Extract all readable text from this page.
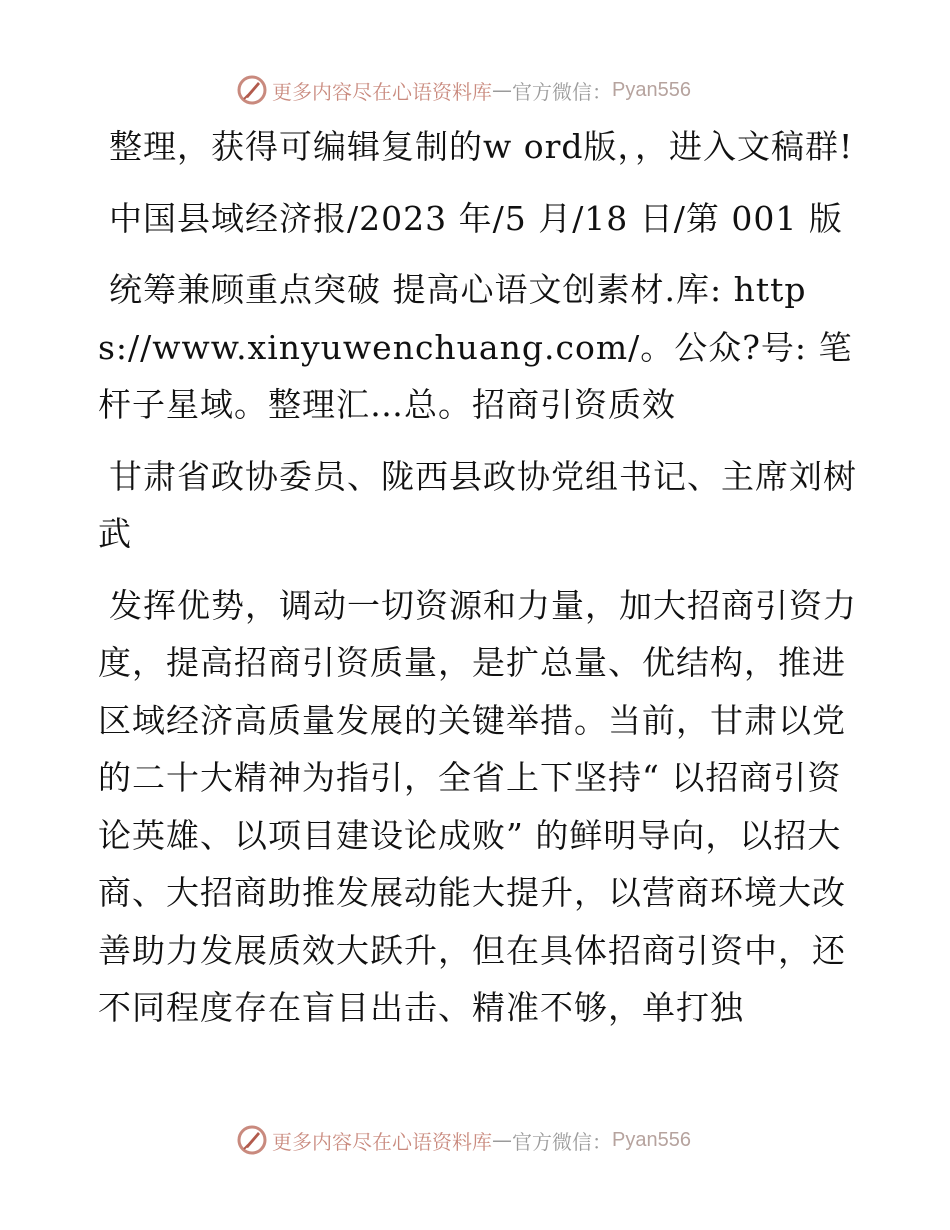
更多内容尽在心语资料库 — 官方微信： Pyan556

整理，获得可编辑复制的w ord版，，进入文稿群!

中国县域经济报/2023 年/5 月/18 日/第 001 版

统筹兼顾重点突破 提高心语文创素材.库: https://www.xinyuwenchuang.com/。公众?号: 笔杆子星域。整理汇…总。招商引资质效

甘肃省政协委员、陇西县政协党组书记、主席刘树武

发挥优势，调动一切资源和力量，加大招商引资力度，提高招商引资质量，是扩总量、优结构，推进区域经济高质量发展的关键举措。当前，甘肃以党的二十大精神为指引，全省上下坚持“ 以招商引资论英雄、以项目建设论成败” 的鲜明导向，以招大商、大招商助推发展动能大提升，以营商环境大改善助力发展质效大跃升，但在具体招商引资中，还不同程度存在盲目出击、精准不够，单打独

更多内容尽在心语资料库 — 官方微信： Pyan556
